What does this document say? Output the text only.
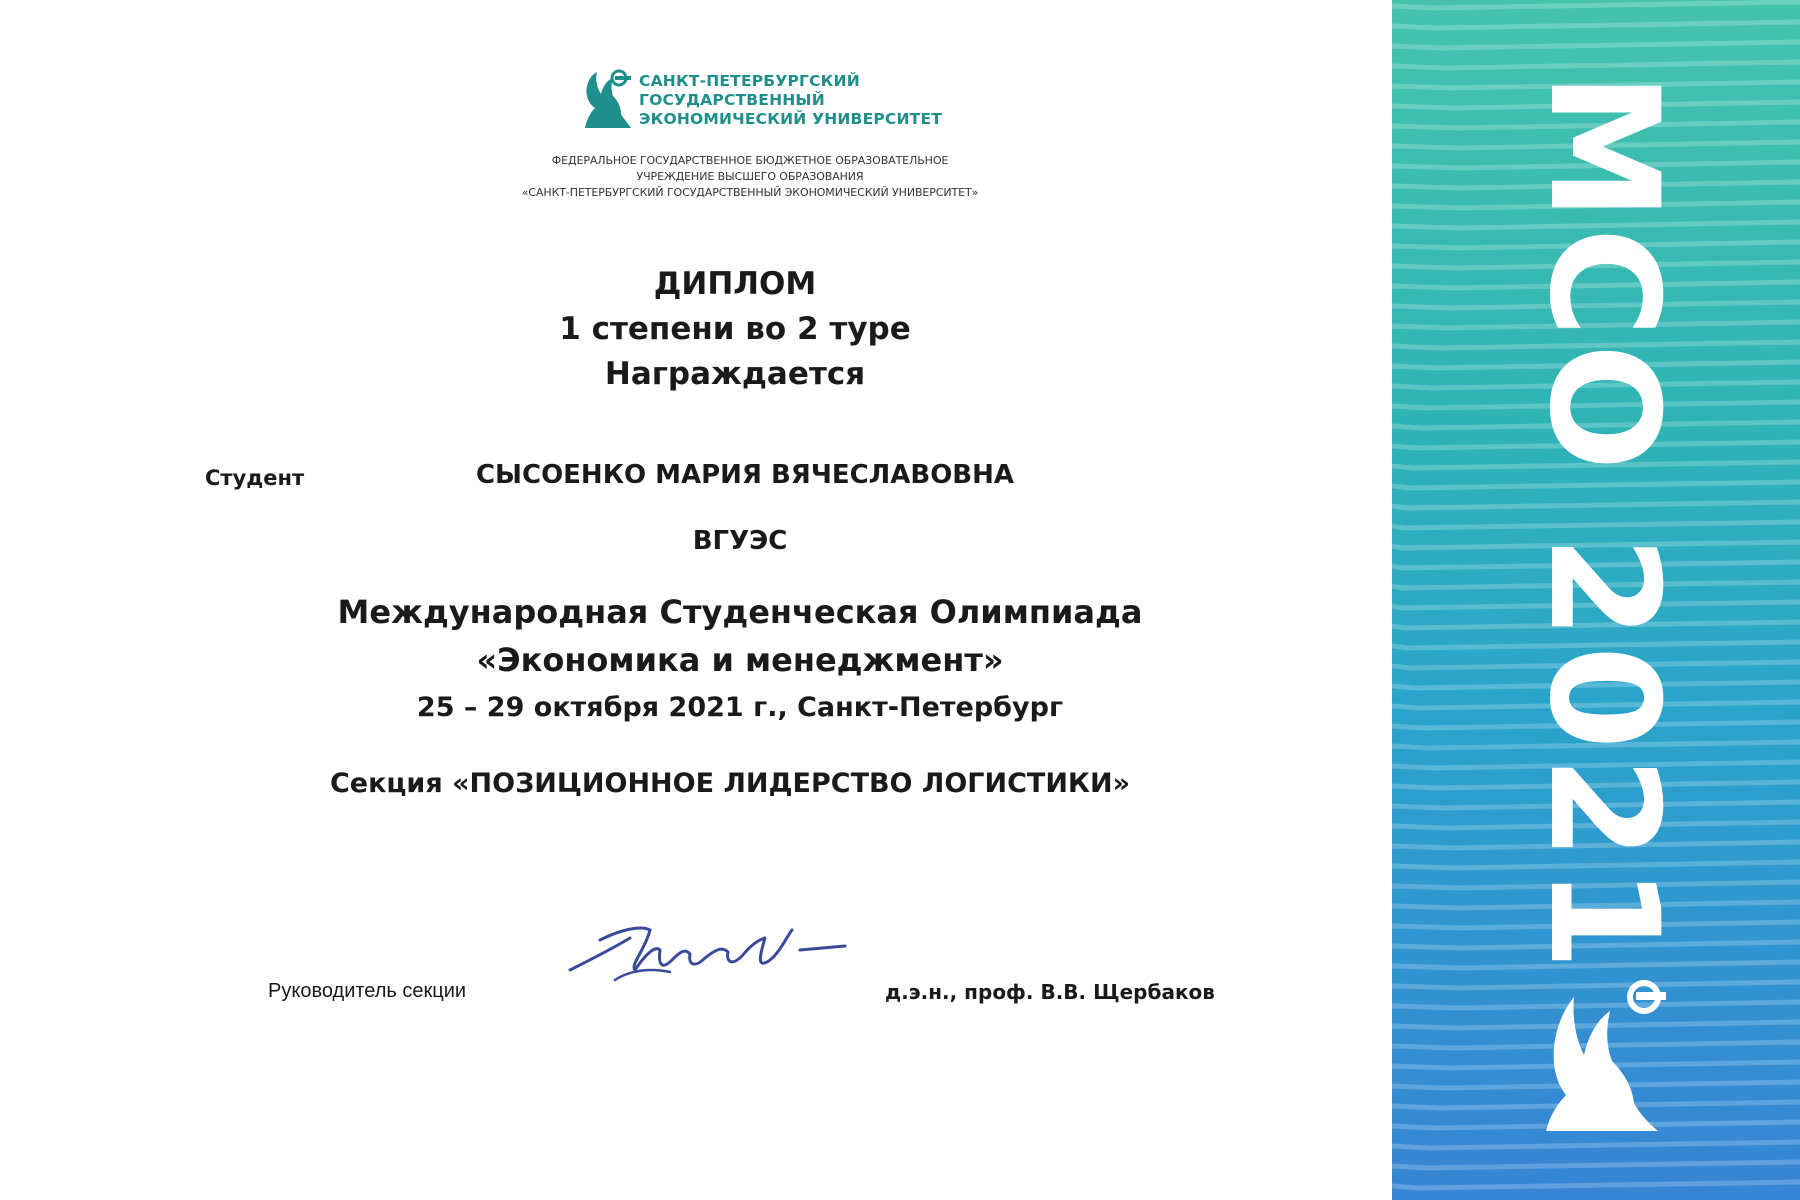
САНКТ-ПЕТЕРБУРГСКИЙ
ГОСУДАРСТВЕННЫЙ
ЭКОНОМИЧЕСКИЙ УНИВЕРСИТЕТ
ФЕДЕРАЛЬНОЕ ГОСУДАРСТВЕННОЕ БЮДЖЕТНОЕ ОБРАЗОВАТЕЛЬНОЕ
УЧРЕЖДЕНИЕ ВЫСШЕГО ОБРАЗОВАНИЯ
«САНКТ-ПЕТЕРБУРГСКИЙ ГОСУДАРСТВЕННЫЙ ЭКОНОМИЧЕСКИЙ УНИВЕРСИТЕТ»
ДИПЛОМ
1 степени во 2 туре
Награждается
Студент	СЫСОЕНКО МАРИЯ ВЯЧЕСЛАВОВНА
ВГУЭС
Международная Студенческая Олимпиада
«Экономика и менеджмент»
25 – 29 октября 2021 г., Санкт-Петербург
Секция «ПОЗИЦИОННОЕ ЛИДЕРСТВО ЛОГИСТИКИ»
Руководитель секции	д.э.н., проф. В.В. Щербаков
МСО 2021
